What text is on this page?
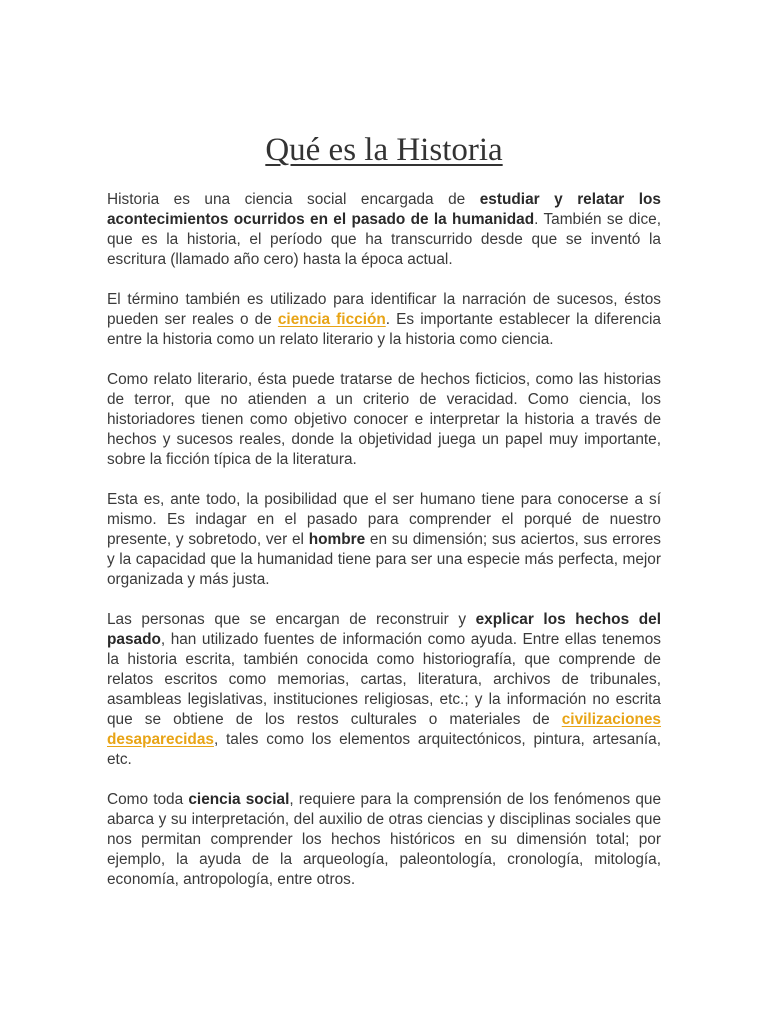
Qué es la Historia

Historia es una ciencia social encargada de estudiar y relatar los acontecimientos ocurridos en el pasado de la humanidad. También se dice, que es la historia, el período que ha transcurrido desde que se inventó la escritura (llamado año cero) hasta la época actual.

El término también es utilizado para identificar la narración de sucesos, éstos pueden ser reales o de ciencia ficción. Es importante establecer la diferencia entre la historia como un relato literario y la historia como ciencia.

Como relato literario, ésta puede tratarse de hechos ficticios, como las historias de terror, que no atienden a un criterio de veracidad. Como ciencia, los historiadores tienen como objetivo conocer e interpretar la historia a través de hechos y sucesos reales, donde la objetividad juega un papel muy importante, sobre la ficción típica de la literatura.

Esta es, ante todo, la posibilidad que el ser humano tiene para conocerse a sí mismo. Es indagar en el pasado para comprender el porqué de nuestro presente, y sobretodo, ver el hombre en su dimensión; sus aciertos, sus errores y la capacidad que la humanidad tiene para ser una especie más perfecta, mejor organizada y más justa.

Las personas que se encargan de reconstruir y explicar los hechos del pasado, han utilizado fuentes de información como ayuda. Entre ellas tenemos la historia escrita, también conocida como historiografía, que comprende de relatos escritos como memorias, cartas, literatura, archivos de tribunales, asambleas legislativas, instituciones religiosas, etc.; y la información no escrita que se obtiene de los restos culturales o materiales de civilizaciones desaparecidas, tales como los elementos arquitectónicos, pintura, artesanía, etc.

Como toda ciencia social, requiere para la comprensión de los fenómenos que abarca y su interpretación, del auxilio de otras ciencias y disciplinas sociales que nos permitan comprender los hechos históricos en su dimensión total; por ejemplo, la ayuda de la arqueología, paleontología, cronología, mitología, economía, antropología, entre otros.
